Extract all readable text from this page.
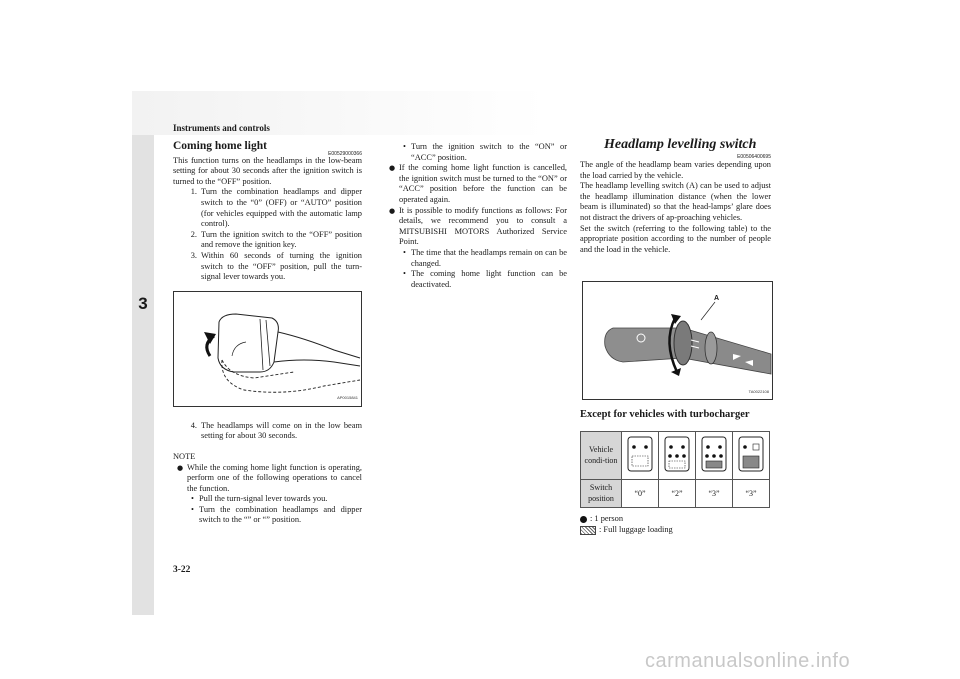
3
Instruments and controls
3-22
Coming home light
E00529000366

This function turns on the headlamps in the low-beam setting for about 30 seconds after the ignition switch is turned to the “OFF” position.

1. Turn the combination headlamps and dipper switch to the “0” (OFF) or “AUTO” position (for vehicles equipped with the automatic lamp control).
2. Turn the ignition switch to the “OFF” position and remove the ignition key.
3. Within 60 seconds of turning the ignition switch to the “OFF” position, pull the turn-signal lever towards you.
AP0015841
4. The headlamps will come on in the low beam setting for about 30 seconds.
NOTE
● While the coming home light function is operating, perform one of the following operations to cancel the function.
• Pull the turn-signal lever towards you.
• Turn the combination headlamps and dipper switch to the “” or “” position.
• Turn the ignition switch to the “ON” or “ACC” position.
● If the coming home light function is cancelled, the ignition switch must be turned to the “ON” or “ACC” position before the function can be operated again.
● It is possible to modify functions as follows: For details, we recommend you to consult a MITSUBISHI MOTORS Authorized Service Point.
• The time that the headlamps remain on can be changed.
• The coming home light function can be deactivated.
Headlamp levelling switch
E00506400695

The angle of the headlamp beam varies depending upon the load carried by the vehicle.

The headlamp levelling switch (A) can be used to adjust the headlamp illumination distance (when the lower beam is illuminated) so that the head-lamps’ glare does not distract the drivers of ap-proaching vehicles.

Set the switch (referring to the following table) to the appropriate position according to the number of people and the load in the vehicle.

A
TA0022108
Except for vehicles with turbocharger
Vehicle condi-tion				
Switch position	“0”	“2”	“3”	“3”
: 1 person
: Full luggage loading
carmanualsonline.info
